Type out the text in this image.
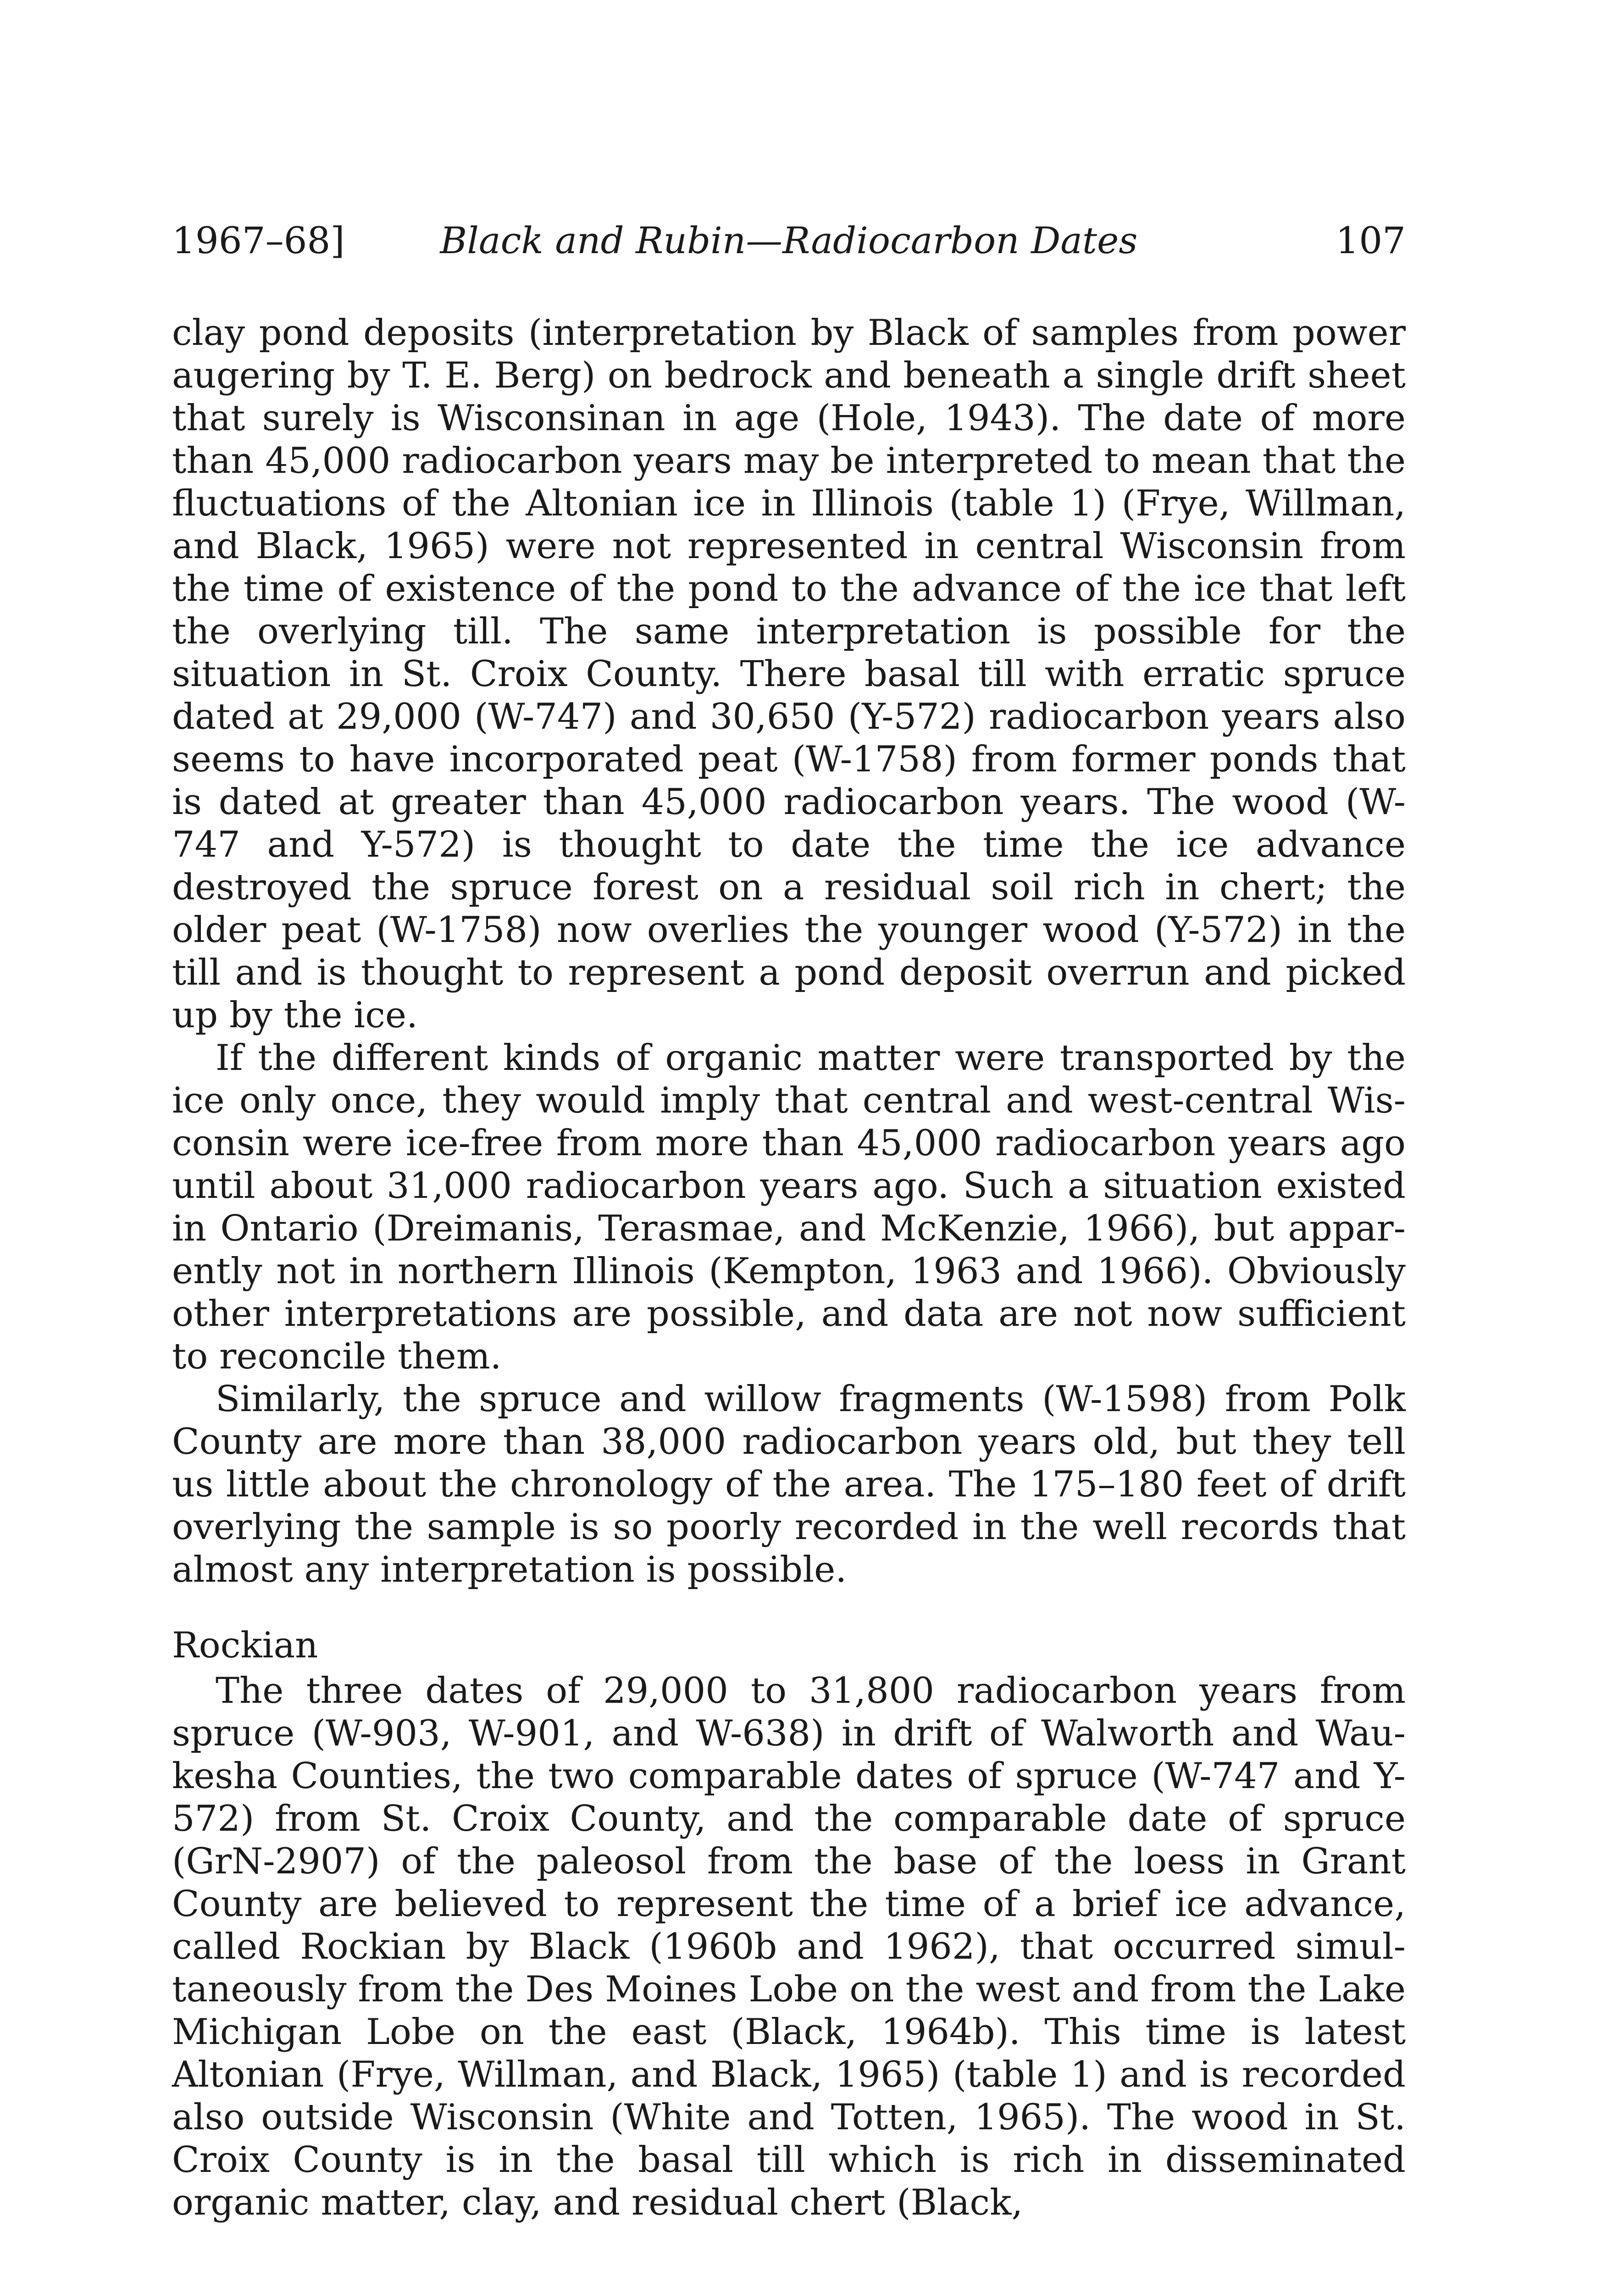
1967–68]	Black and Rubin—Radiocarbon Dates	107

clay pond deposits (interpretation by Black of samples from power augering by T. E. Berg) on bedrock and beneath a single drift sheet that surely is Wisconsinan in age (Hole, 1943). The date of more than 45,000 radiocarbon years may be interpreted to mean that the fluctuations of the Altonian ice in Illinois (table 1) (Frye, Willman, and Black, 1965) were not represented in central Wisconsin from the time of existence of the pond to the advance of the ice that left the overlying till. The same interpretation is possible for the situation in St. Croix County. There basal till with erratic spruce dated at 29,000 (W-747) and 30,650 (Y-572) radiocarbon years also seems to have incorporated peat (W-1758) from former ponds that is dated at greater than 45,000 radiocarbon years. The wood (W-747 and Y-572) is thought to date the time the ice advance destroyed the spruce forest on a residual soil rich in chert; the older peat (W-1758) now overlies the younger wood (Y-572) in the till and is thought to represent a pond deposit overrun and picked up by the ice.

If the different kinds of organic matter were transported by the ice only once, they would imply that central and west-central Wisconsin were ice-free from more than 45,000 radiocarbon years ago until about 31,000 radiocarbon years ago. Such a situation existed in Ontario (Dreimanis, Terasmae, and McKenzie, 1966), but apparently not in northern Illinois (Kempton, 1963 and 1966). Obviously other interpretations are possible, and data are not now sufficient to reconcile them.

Similarly, the spruce and willow fragments (W-1598) from Polk County are more than 38,000 radiocarbon years old, but they tell us little about the chronology of the area. The 175–180 feet of drift overlying the sample is so poorly recorded in the well records that almost any interpretation is possible.

Rockian

The three dates of 29,000 to 31,800 radiocarbon years from spruce (W-903, W-901, and W-638) in drift of Walworth and Waukesha Counties, the two comparable dates of spruce (W-747 and Y-572) from St. Croix County, and the comparable date of spruce (GrN-2907) of the paleosol from the base of the loess in Grant County are believed to represent the time of a brief ice advance, called Rockian by Black (1960b and 1962), that occurred simultaneously from the Des Moines Lobe on the west and from the Lake Michigan Lobe on the east (Black, 1964b). This time is latest Altonian (Frye, Willman, and Black, 1965) (table 1) and is recorded also outside Wisconsin (White and Totten, 1965). The wood in St. Croix County is in the basal till which is rich in disseminated organic matter, clay, and residual chert (Black,
